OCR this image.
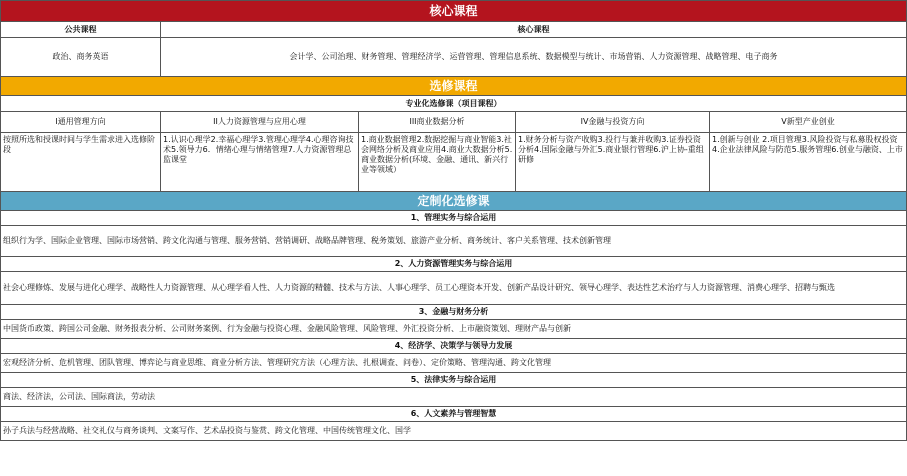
核心课程				
公共课程	核心课程			
政治、商务英语	会计学、公司治理、财务管理、管理经济学、运营管理、管理信息系统、数据模型与统计、市场营销、人力资源管理、战略管理、电子商务			
选修课程				
专业化选修课（项目课程）				
I通用管理方向	II人力资源管理与应用心理	III商业数据分析	IV金融与投资方向	V新型产业创业
按照所选和授课时间与学生需求进入选修阶段	1.认识心理学2.幸福心理学3.管理心理学4.心理咨询技术5.领导力6．情绪心理与情绪管理7.人力资源管理总监课堂	1.商业数据管理2.数据挖掘与商业智能3.社会网络分析及商业应用4.商业大数据分析5.商业数据分析(环境、金融、通讯、新兴行业等领域）	1.财务分析与资产收购3.投行与兼并收购3.证券投资分析4.国际金融与外汇5.商业银行管理6.沪上协-重组研修	1.创新与创业 2.项目管理3.风险投资与私募股权投资4.企业法律风险与防范5.服务管理6.创业与融资、上市
定制化选修课				
1、管理实务与综合运用				
组织行为学、国际企业管理、国际市场营销、跨文化沟通与管理、服务营销、营销调研、战略品牌管理、税务策划、旅游产业分析、商务统计、客户关系管理、技术创新管理				
2、人力资源管理实务与综合运用				
社会心理修炼、发展与进化心理学、战略性人力资源管理、从心理学看人性、人力资源的精髓、技术与方法、人事心理学、员工心理资本开发、创新产品设计研究、领导心理学、表达性艺术治疗与人力资源管理、消费心理学、招聘与甄选				
3、金融与财务分析				
中国货币政策、跨国公司金融、财务报表分析、公司财务案例、行为金融与投资心理、金融风险管理、风险管理、外汇投资分析、上市融资策划、理财产品与创新				
4、经济学、决策学与领导力发展				
宏观经济分析、危机管理、团队管理、博弈论与商业思维、商业分析方法、管理研究方法（心理方法、扎根调查、问卷）、定价策略、管理沟通、跨文化管理				
5、法律实务与综合运用				
商法、经济法，公司法、国际商法，劳动法				
6、人文素养与管理智慧				
孙子兵法与经营战略、社交礼仪与商务谈判、文案写作、艺术品投资与鉴赏、跨文化管理、中国传统管理文化、国学				
